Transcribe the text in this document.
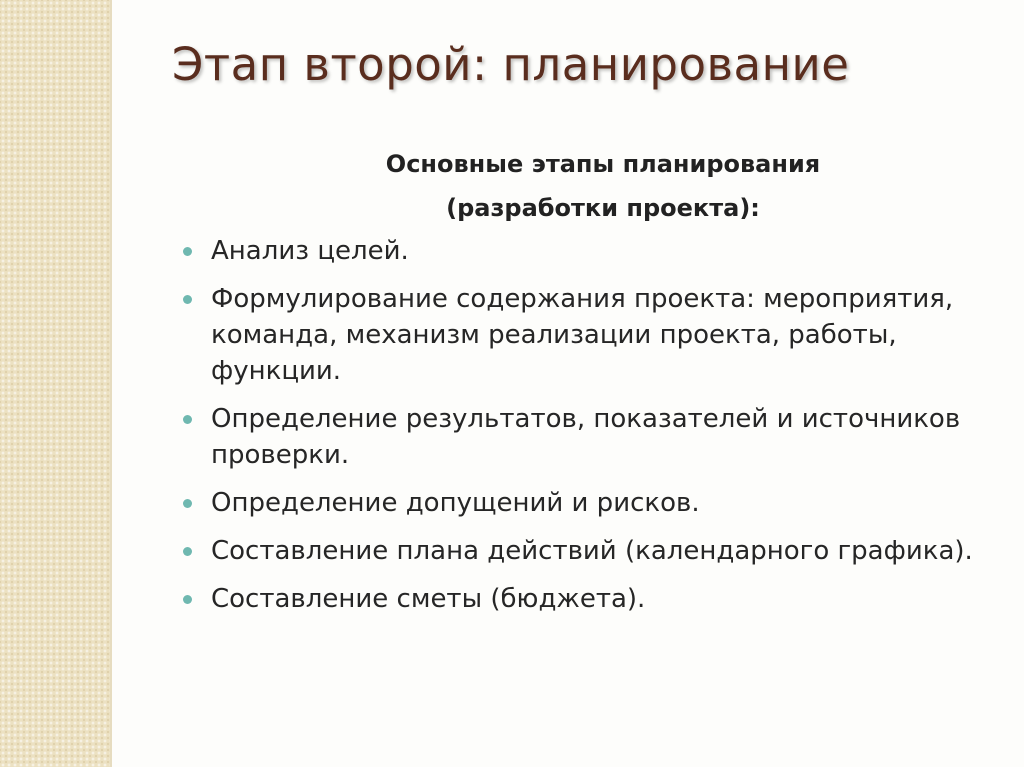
Этап второй: планирование

Основные этапы планирования

(разработки проекта):

Анализ целей.
Формулирование содержания проекта: мероприятия, команда, механизм реализации проекта, работы, функции.
Определение результатов, показателей и источников проверки.
Определение допущений и рисков.
Составление плана действий (календарного графика).
Составление сметы (бюджета).
